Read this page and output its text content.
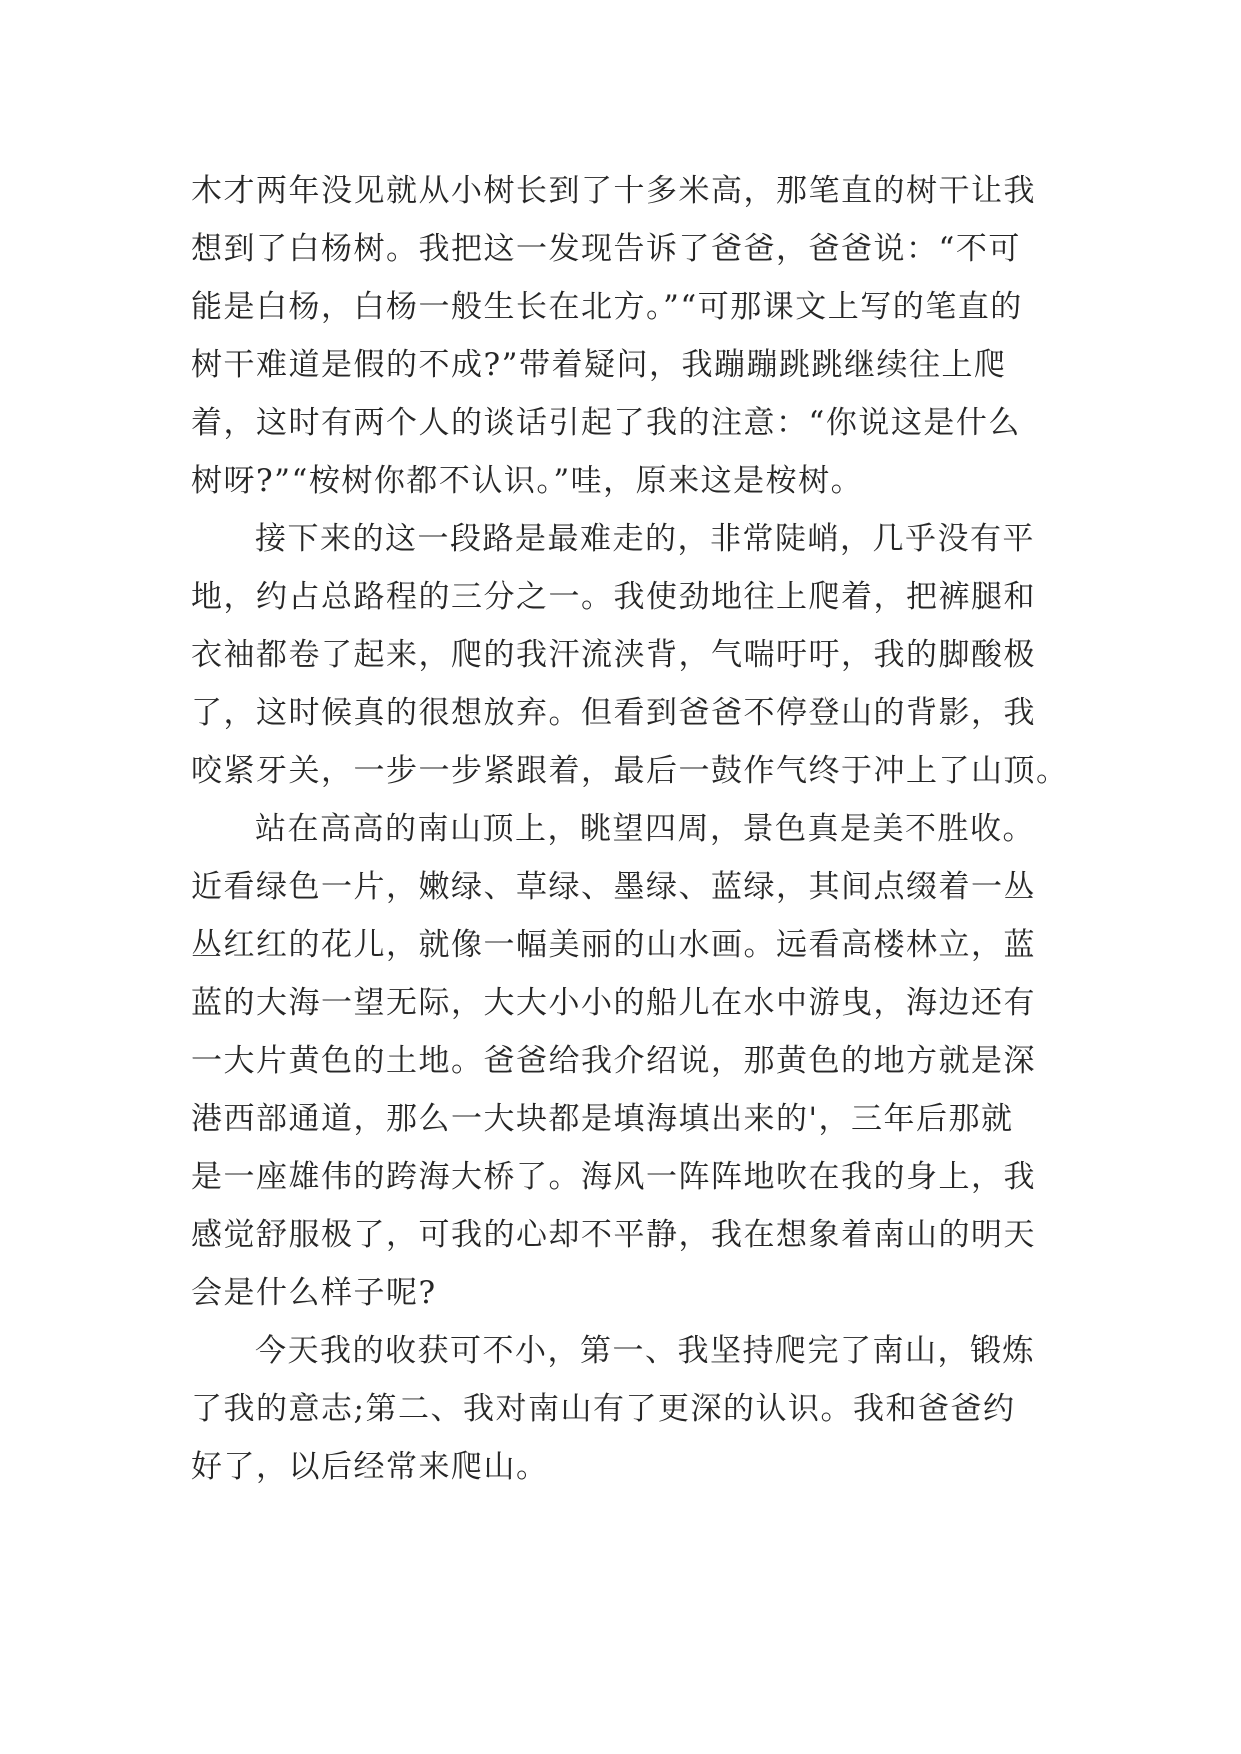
木才两年没见就从小树长到了十多米高，那笔直的树干让我
想到了白杨树。我把这一发现告诉了爸爸，爸爸说：“不可
能是白杨，白杨一般生长在北方。”“可那课文上写的笔直的
树干难道是假的不成?”带着疑问，我蹦蹦跳跳继续往上爬
着，这时有两个人的谈话引起了我的注意：“你说这是什么
树呀?”“桉树你都不认识。”哇，原来这是桉树。
接下来的这一段路是最难走的，非常陡峭，几乎没有平
地，约占总路程的三分之一。我使劲地往上爬着，把裤腿和
衣袖都卷了起来，爬的我汗流浃背，气喘吁吁，我的脚酸极
了，这时候真的很想放弃。但看到爸爸不停登山的背影，我
咬紧牙关，一步一步紧跟着，最后一鼓作气终于冲上了山顶。
站在高高的南山顶上，眺望四周，景色真是美不胜收。
近看绿色一片，嫩绿、草绿、墨绿、蓝绿，其间点缀着一丛
丛红红的花儿，就像一幅美丽的山水画。远看高楼林立，蓝
蓝的大海一望无际，大大小小的船儿在水中游曳，海边还有
一大片黄色的土地。爸爸给我介绍说，那黄色的地方就是深
港西部通道，那么一大块都是填海填出来的'，三年后那就
是一座雄伟的跨海大桥了。海风一阵阵地吹在我的身上，我
感觉舒服极了，可我的心却不平静，我在想象着南山的明天
会是什么样子呢?
今天我的收获可不小，第一、我坚持爬完了南山，锻炼
了我的意志;第二、我对南山有了更深的认识。我和爸爸约
好了，以后经常来爬山。
